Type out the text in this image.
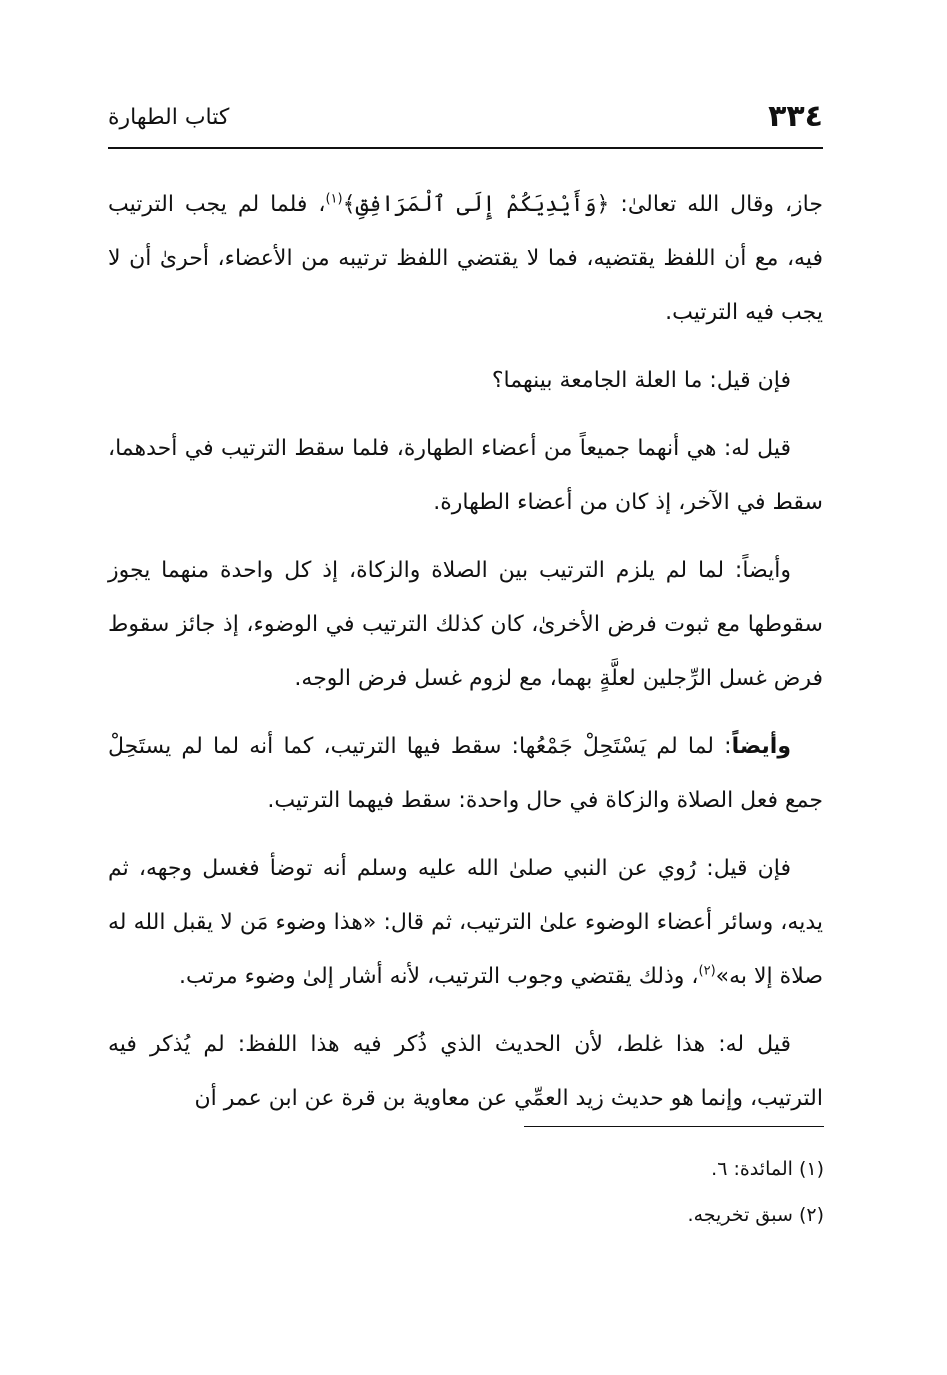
٣٣٤
كتاب الطهارة

جاز، وقال الله تعالىٰ: ﴿وَأَيْدِيَكُمْ إِلَى ٱلْمَرَافِقِ﴾$^{(١)}$، فلما لم يجب الترتيب فيه، مع أن اللفظ يقتضيه، فما لا يقتضي اللفظ ترتيبه من الأعضاء، أحرىٰ أن لا يجب فيه الترتيب.

فإن قيل: ما العلة الجامعة بينهما؟

قيل له: هي أنهما جميعاً من أعضاء الطهارة، فلما سقط الترتيب في أحدهما، سقط في الآخر، إذ كان من أعضاء الطهارة.

وأيضاً: لما لم يلزم الترتيب بين الصلاة والزكاة، إذ كل واحدة منهما يجوز سقوطها مع ثبوت فرض الأخرىٰ، كان كذلك الترتيب في الوضوء، إذ جائز سقوط فرض غسل الرِّجلين لعلَّةٍ بهما، مع لزوم غسل فرض الوجه.

وأيضاً: لما لم يَسْتَحِلْ جَمْعُها: سقط فيها الترتيب، كما أنه لما لم يستَحِلْ جمع فعل الصلاة والزكاة في حال واحدة: سقط فيهما الترتيب.

فإن قيل: رُوي عن النبي صلىٰ الله عليه وسلم أنه توضأ فغسل وجهه، ثم يديه، وسائر أعضاء الوضوء علىٰ الترتيب، ثم قال: «هذا وضوء مَن لا يقبل الله له صلاة إلا به»$^{(٢)}$، وذلك يقتضي وجوب الترتيب، لأنه أشار إلىٰ وضوء مرتب.

قيل له: هذا غلط، لأن الحديث الذي ذُكر فيه هذا اللفظ: لم يُذكر فيه الترتيب، وإنما هو حديث زيد العمِّي عن معاوية بن قرة عن ابن عمر أن

(١) المائدة: ٦.

(٢) سبق تخريجه.
